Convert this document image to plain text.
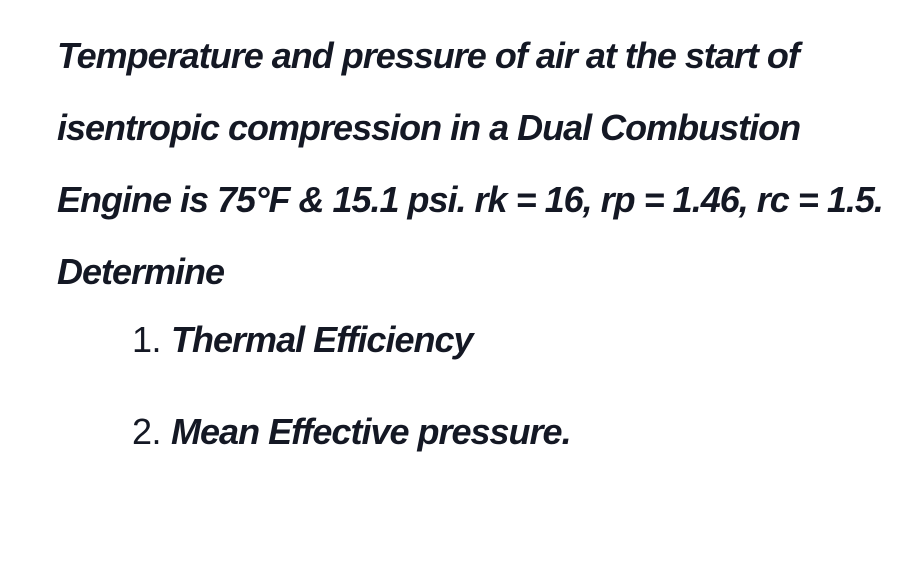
Temperature and pressure of air at the start of isentropic compression in a Dual Combustion Engine is 75°F & 15.1 psi. rk = 16, rp = 1.46, rc = 1.5.

Determine

1. Thermal Efficiency
2. Mean Effective pressure.
